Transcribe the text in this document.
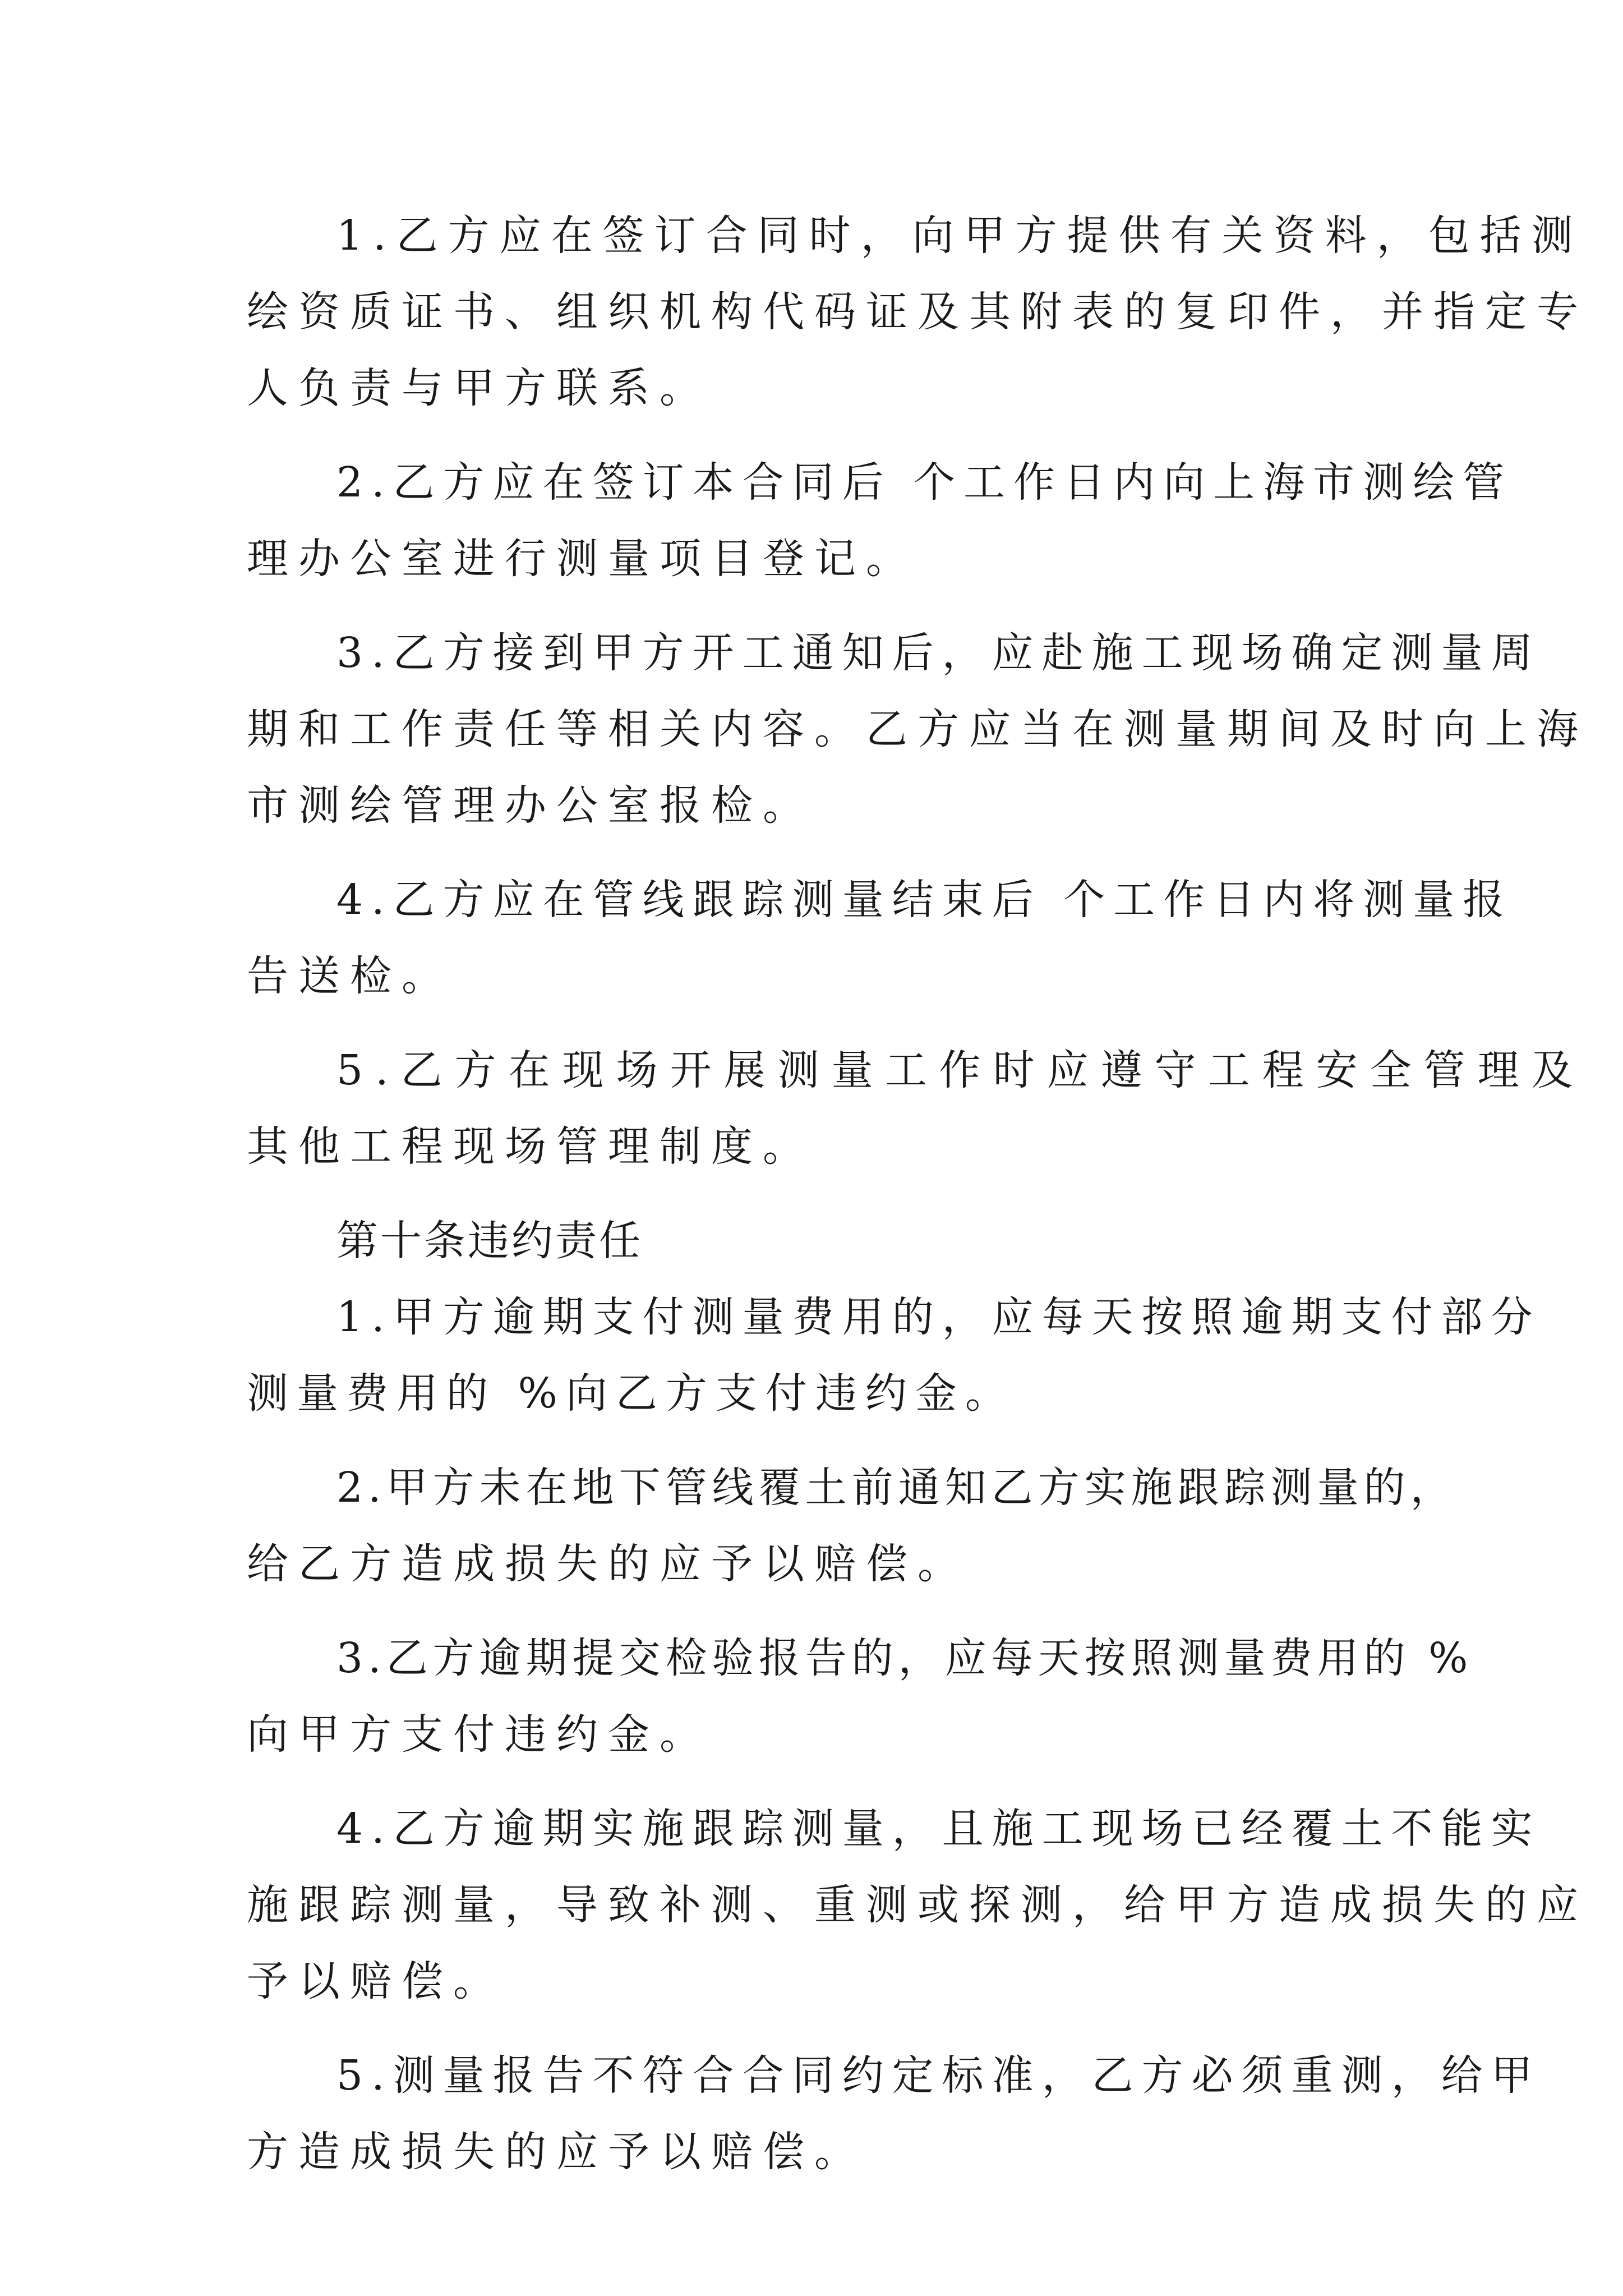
1.乙方应在签订合同时，向甲方提供有关资料，包括测

绘资质证书、组织机构代码证及其附表的复印件，并指定专

人负责与甲方联系。

2.乙方应在签订本合同后 个工作日内向上海市测绘管

理办公室进行测量项目登记。

3.乙方接到甲方开工通知后，应赴施工现场确定测量周

期和工作责任等相关内容。乙方应当在测量期间及时向上海

市测绘管理办公室报检。

4.乙方应在管线跟踪测量结束后 个工作日内将测量报

告送检。

5.乙方在现场开展测量工作时应遵守工程安全管理及

其他工程现场管理制度。

第十条违约责任

1.甲方逾期支付测量费用的，应每天按照逾期支付部分

测量费用的 %向乙方支付违约金。

2.甲方未在地下管线覆土前通知乙方实施跟踪测量的，

给乙方造成损失的应予以赔偿。

3.乙方逾期提交检验报告的，应每天按照测量费用的 %

向甲方支付违约金。

4.乙方逾期实施跟踪测量，且施工现场已经覆土不能实

施跟踪测量，导致补测、重测或探测，给甲方造成损失的应

予以赔偿。

5.测量报告不符合合同约定标准，乙方必须重测，给甲

方造成损失的应予以赔偿。
